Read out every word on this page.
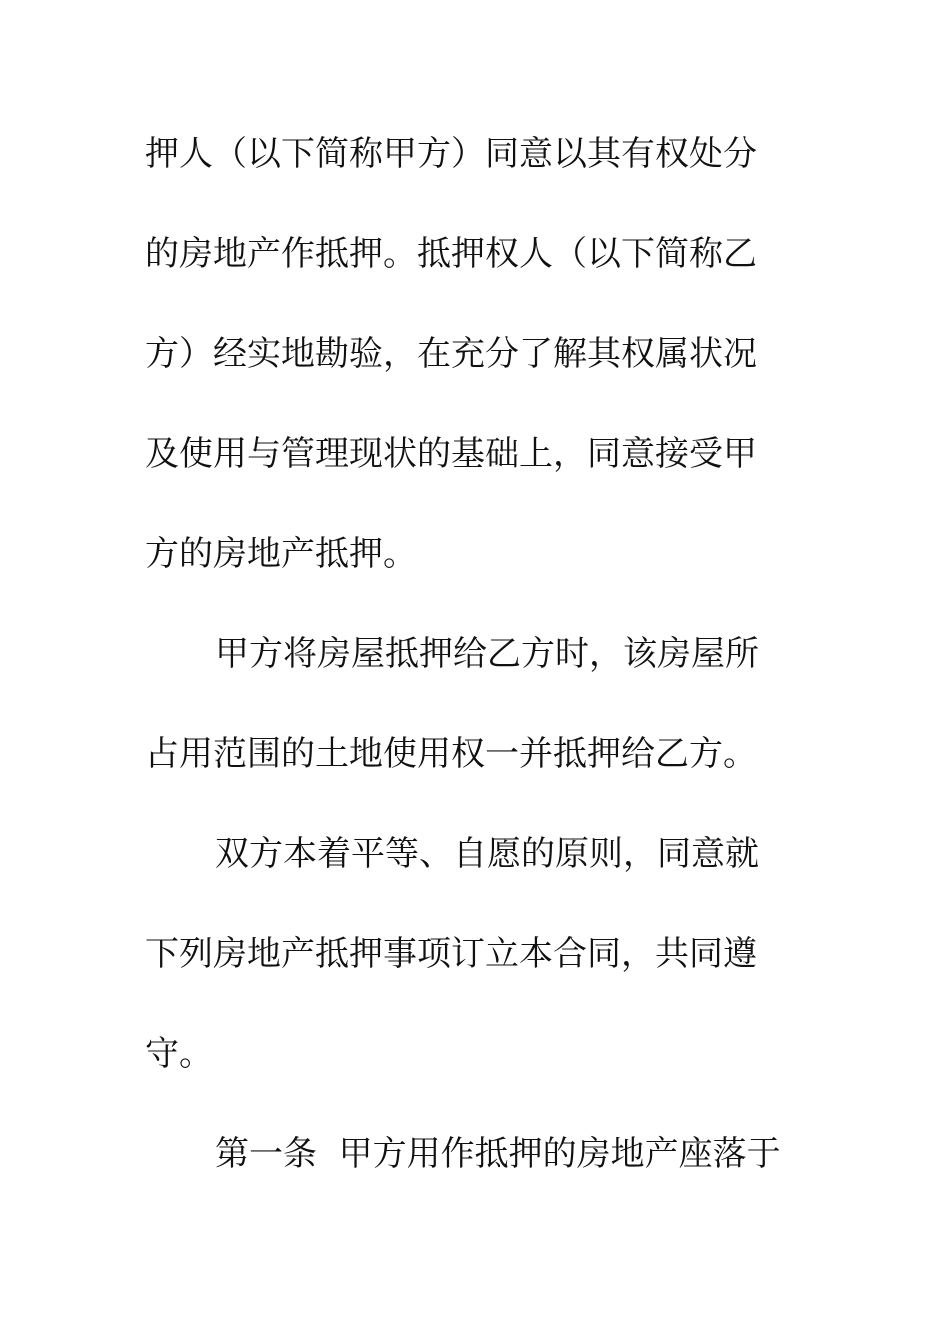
押人（以下简称甲方）同意以其有权处分
的房地产作抵押。抵押权人（以下简称乙
方）经实地勘验，在充分了解其权属状况
及使用与管理现状的基础上，同意接受甲
方的房地产抵押。
甲方将房屋抵押给乙方时，该房屋所
占用范围的土地使用权一并抵押给乙方。
双方本着平等、自愿的原则，同意就
下列房地产抵押事项订立本合同，共同遵
守。
第一条  甲方用作抵押的房地产座落于
